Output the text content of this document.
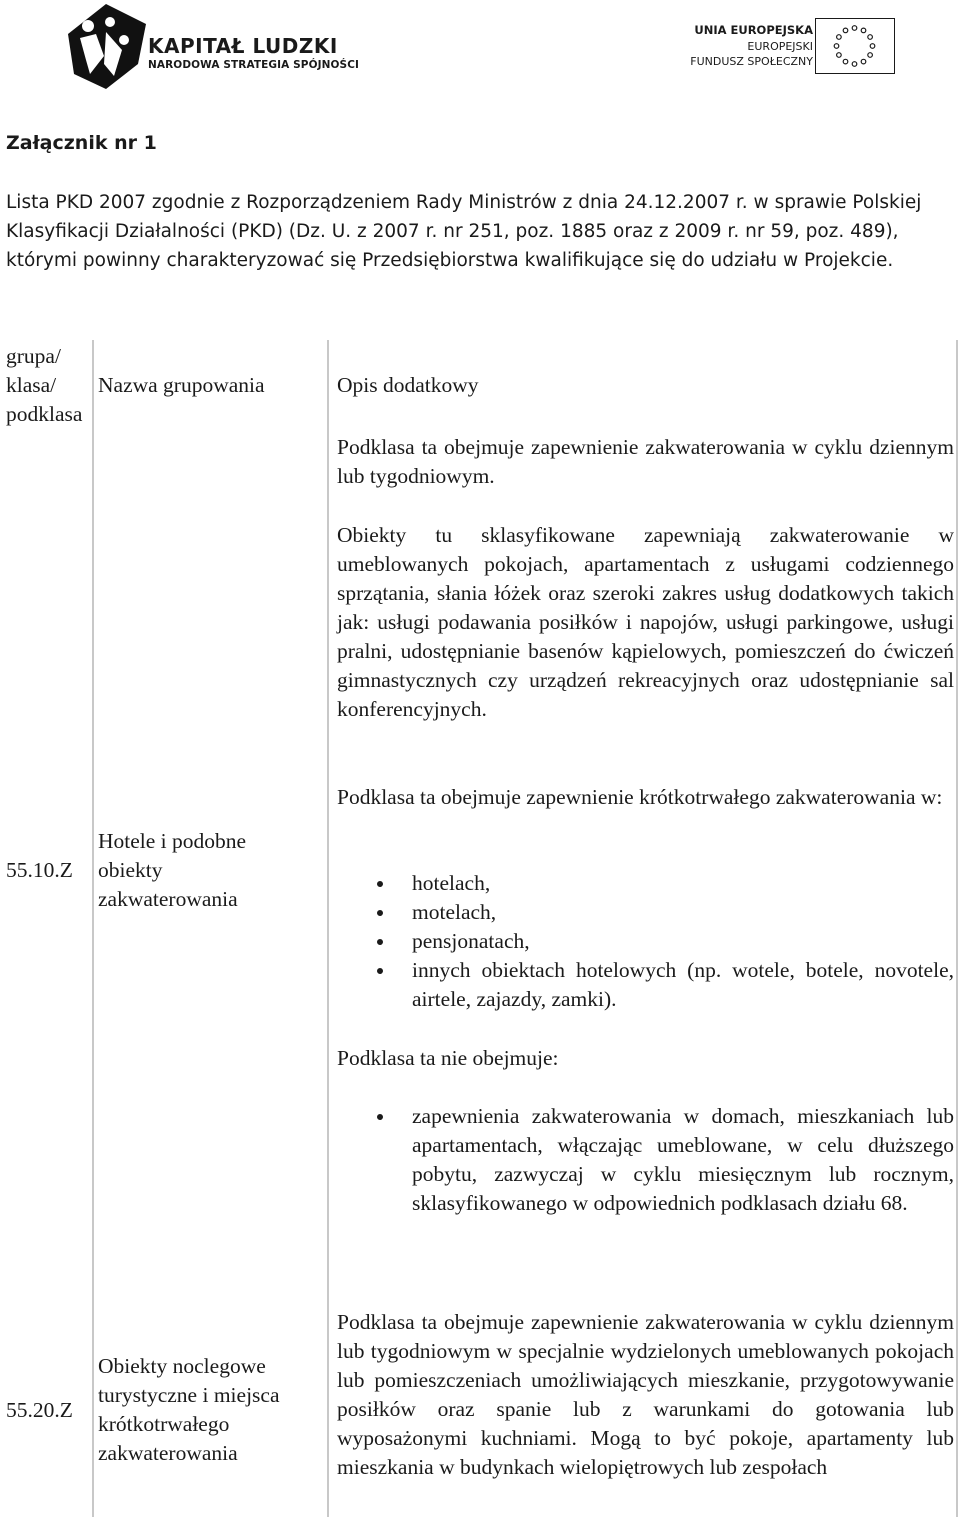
KAPITAŁ LUDZKI
NARODOWA STRATEGIA SPÓJNOŚCI
UNIA EUROPEJSKA
EUROPEJSKI
FUNDUSZ SPOŁECZNY
Załącznik nr 1
Lista PKD 2007 zgodnie z Rozporządzeniem Rady Ministrów z dnia 24.12.2007 r. w sprawie Polskiej Klasyfikacji Działalności (PKD) (Dz. U. z 2007 r. nr 251, poz. 1885 oraz z 2009 r. nr 59, poz. 489), którymi powinny charakteryzować się Przedsiębiorstwa kwalifikujące się do udziału w Projekcie.
grupa/
klasa/
podklasa
Nazwa grupowania	Opis dodatkowy
55.10.Z
Hotele i podobne
obiekty
zakwaterowania
Podklasa ta obejmuje zapewnienie zakwaterowania w cyklu dziennym lub tygodniowym.
Obiekty tu sklasyfikowane zapewniają zakwaterowanie w umeblowanych pokojach, apartamentach z usługami codziennego sprzątania, słania łóżek oraz szeroki zakres usług dodatkowych takich jak: usługi podawania posiłków i napojów, usługi parkingowe, usługi pralni, udostępnianie basenów kąpielowych, pomieszczeń do ćwiczeń gimnastycznych czy urządzeń rekreacyjnych oraz udostępnianie sal konferencyjnych.
Podklasa ta obejmuje zapewnienie krótkotrwałego zakwaterowania w:
hotelach,
motelach,
pensjonatach,
innych obiektach hotelowych (np. wotele, botele, novotele, airtele, zajazdy, zamki).
Podklasa ta nie obejmuje:
zapewnienia zakwaterowania w domach, mieszkaniach lub apartamentach, włączając umeblowane, w celu dłuższego pobytu, zazwyczaj w cyklu miesięcznym lub rocznym, sklasyfikowanego w odpowiednich podklasach działu 68.
55.20.Z
Obiekty noclegowe
turystyczne i miejsca
krótkotrwałego
zakwaterowania
Podklasa ta obejmuje zapewnienie zakwaterowania w cyklu dziennym lub tygodniowym w specjalnie wydzielonych umeblowanych pokojach lub pomieszczeniach umożliwiających mieszkanie, przygotowywanie posiłków oraz spanie lub z warunkami do gotowania lub wyposażonymi kuchniami. Mogą to być pokoje, apartamenty lub mieszkania w budynkach wielopiętrowych lub zespołach
